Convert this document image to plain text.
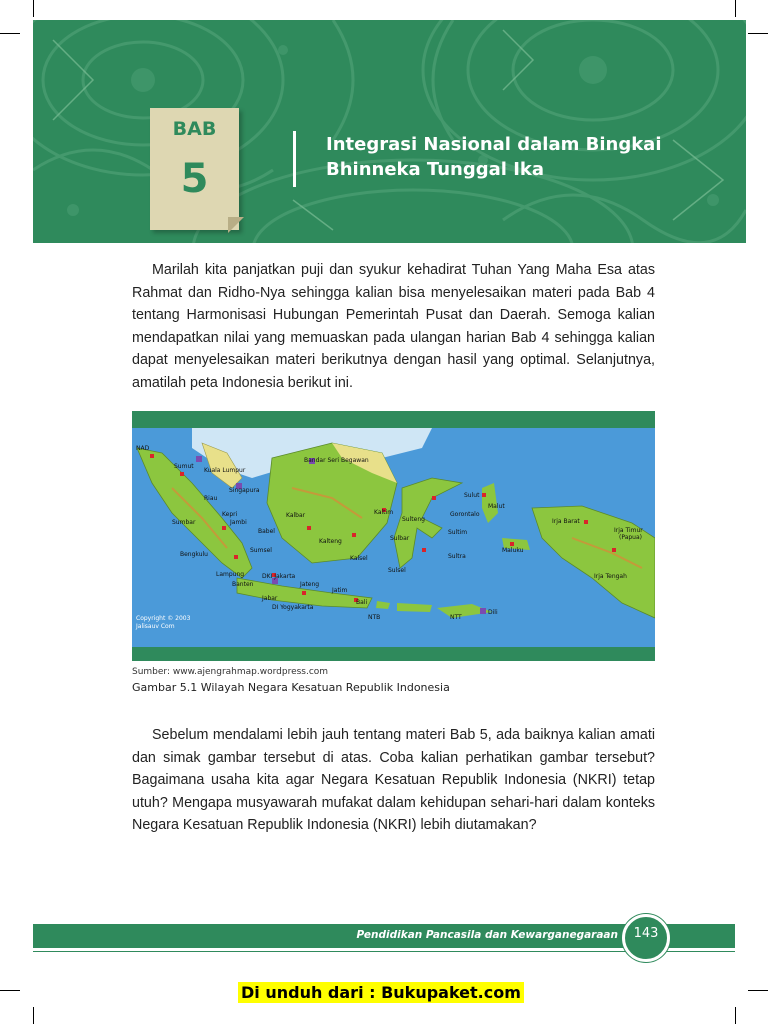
BAB
5
Integrasi Nasional dalam Bingkai
Bhinneka Tunggal Ika
Marilah kita panjatkan puji dan syukur kehadirat Tuhan Yang Maha Esa atas
Rahmat dan Ridho-Nya sehingga kalian bisa menyelesaikan materi pada Bab 4
tentang Harmonisasi Hubungan Pemerintah Pusat dan Daerah. Semoga kalian
mendapatkan nilai yang memuaskan pada ulangan harian Bab 4 sehingga kalian
dapat menyelesaikan materi berikutnya dengan hasil yang optimal. Selanjutnya,
amatilah peta Indonesia berikut ini.
NAD
Sumut
Kuala Lumpur
Bandar Seri Begawan
Riau
Singapura
Sumbar
Kepri
Jambi
Babel
Kalbar
Kalteng
Kaltim
Kalsel
Bengkulu
Sumsel
Lampung
Banten
DKI Jakarta
Jabar
Jateng
Jatim
DI Yogyakarta
Bali
NTB	NTT
Dili
Sulut
Gorontalo
Sulteng
Sulbar
Sultra
Sulsel
Sultim
Malut
Maluku
Irja Barat
Irja Timur
(Papua)
Irja Tengah
Copyright © 2003
Jalisauv Com
Sumber: www.ajengrahmap.wordpress.com
Gambar 5.1 Wilayah Negara Kesatuan Republik Indonesia
Sebelum mendalami lebih jauh tentang materi Bab 5, ada baiknya kalian amati
dan simak gambar tersebut di atas. Coba kalian perhatikan gambar tersebut?
Bagaimana usaha kita agar Negara Kesatuan Republik Indonesia (NKRI) tetap
utuh? Mengapa musyawarah mufakat dalam kehidupan sehari-hari dalam konteks
Negara Kesatuan Republik Indonesia (NKRI) lebih diutamakan?
Pendidikan Pancasila dan Kewarganegaraan	143
Di unduh dari : Bukupaket.com
